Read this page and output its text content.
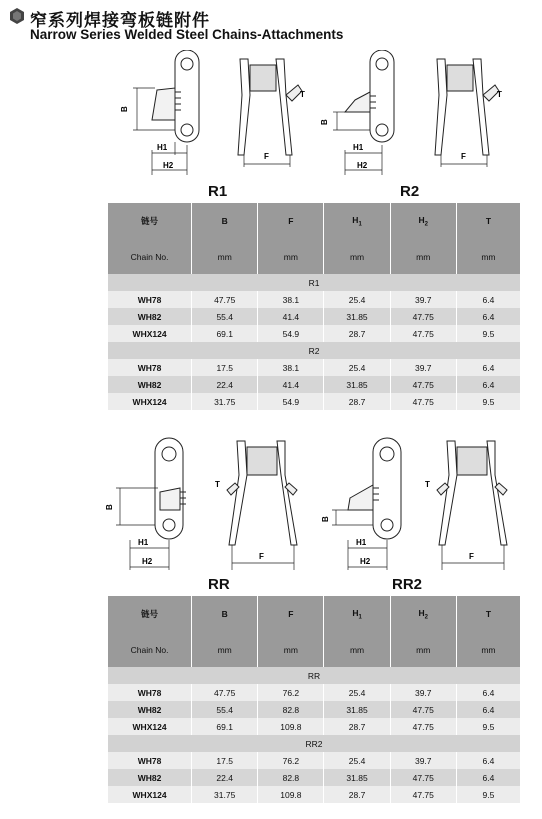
窄系列焊接弯板链附件
Narrow Series Welded Steel Chains-Attachments
B
H1
H2
F
T
R1
B
H1
H2
F
T
R2
链号	B	F	$H_1$	$H_2$	T
Chain No.	mm	mm	mm	mm	mm
R1					
WH78	47.75	38.1	25.4	39.7	6.4
WH82	55.4	41.4	31.85	47.75	6.4
WHX124	69.1	54.9	28.7	47.75	9.5
R2					
WH78	17.5	38.1	25.4	39.7	6.4
WH82	22.4	41.4	31.85	47.75	6.4
WHX124	31.75	54.9	28.7	47.75	9.5
B
H1
H2
F
T
RR
B
H1
H2
F
T
RR2
链号	B	F	$H_1$	$H_2$	T
Chain No.	mm	mm	mm	mm	mm
RR					
WH78	47.75	76.2	25.4	39.7	6.4
WH82	55.4	82.8	31.85	47.75	6.4
WHX124	69.1	109.8	28.7	47.75	9.5
RR2					
WH78	17.5	76.2	25.4	39.7	6.4
WH82	22.4	82.8	31.85	47.75	6.4
WHX124	31.75	109.8	28.7	47.75	9.5
